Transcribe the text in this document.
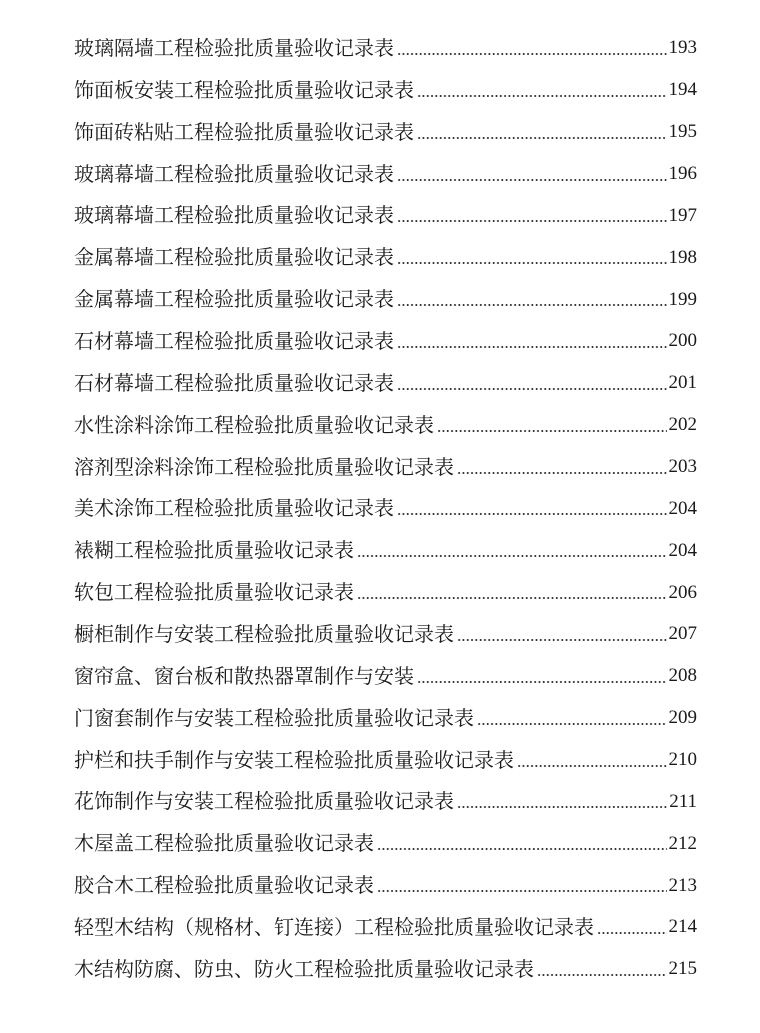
玻璃隔墙工程检验批质量验收记录表	193
饰面板安装工程检验批质量验收记录表	194
饰面砖粘贴工程检验批质量验收记录表	195
玻璃幕墙工程检验批质量验收记录表	196
玻璃幕墙工程检验批质量验收记录表	197
金属幕墙工程检验批质量验收记录表	198
金属幕墙工程检验批质量验收记录表	199
石材幕墙工程检验批质量验收记录表	200
石材幕墙工程检验批质量验收记录表	201
水性涂料涂饰工程检验批质量验收记录表	202
溶剂型涂料涂饰工程检验批质量验收记录表	203
美术涂饰工程检验批质量验收记录表	204
裱糊工程检验批质量验收记录表	204
软包工程检验批质量验收记录表	206
橱柜制作与安装工程检验批质量验收记录表	207
窗帘盒、窗台板和散热器罩制作与安装	208
门窗套制作与安装工程检验批质量验收记录表	209
护栏和扶手制作与安装工程检验批质量验收记录表	210
花饰制作与安装工程检验批质量验收记录表	211
木屋盖工程检验批质量验收记录表	212
胶合木工程检验批质量验收记录表	213
轻型木结构（规格材、钉连接）工程检验批质量验收记录表	214
木结构防腐、防虫、防火工程检验批质量验收记录表	215
